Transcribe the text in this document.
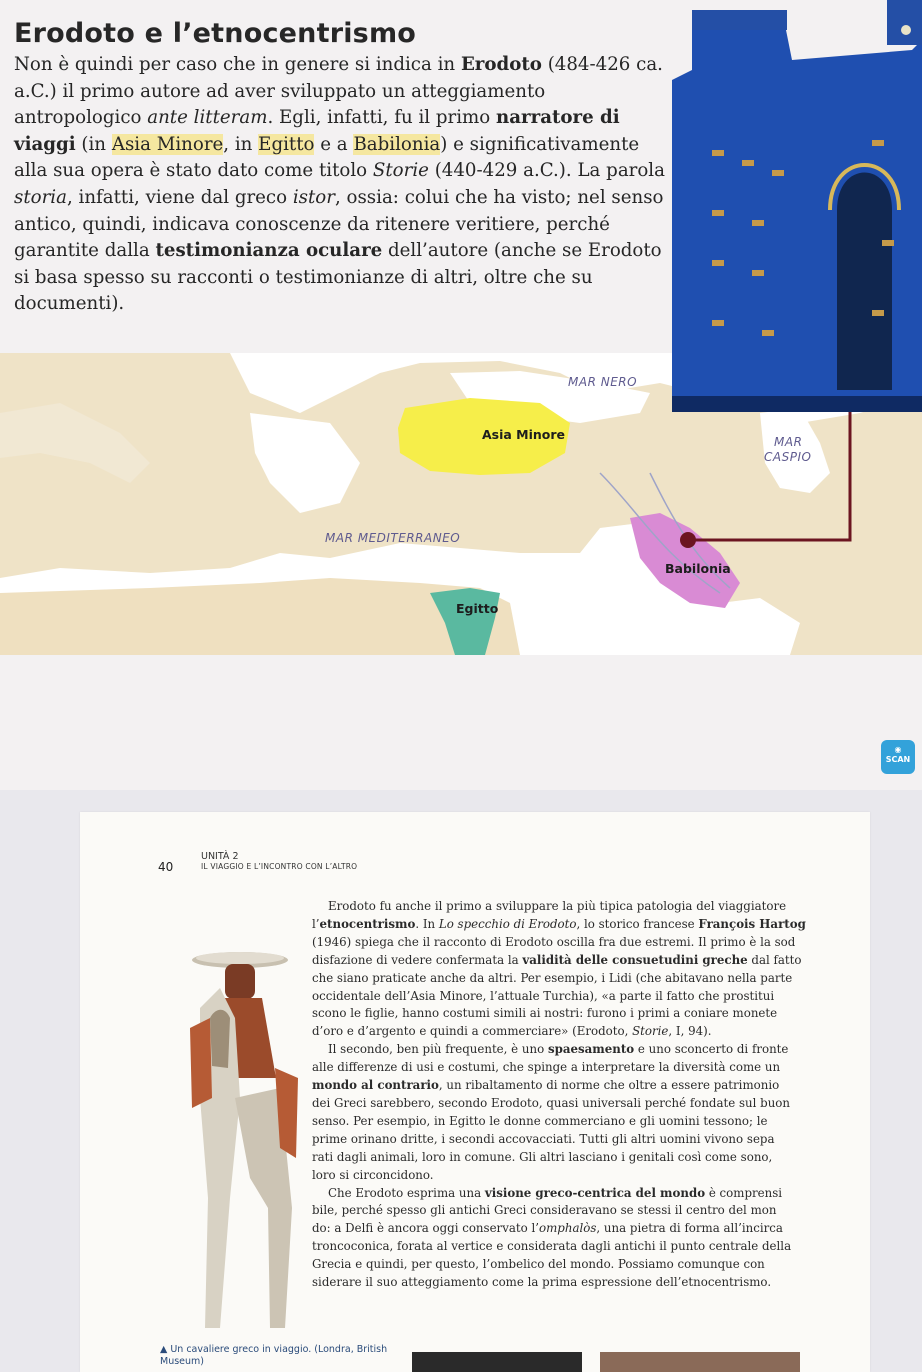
Erodoto e l’etnocentrismo

Non è quindi per caso che in genere si indica in Erodoto (484-426 ca. a.C.) il primo autore ad aver sviluppato un atteggiamento antropologico ante litteram. Egli, infatti, fu il primo narratore di viaggi (in Asia Minore, in Egitto e a Babilonia) e significativamente alla sua opera è stato dato come titolo Storie (440-429 a.C.). La parola storia, infatti, viene dal greco istor, ossia: colui che ha visto; nel senso antico, quindi, indicava conoscenze da ritenere veritiere, perché garantite dalla testimonianza oculare dell’autore (anche se Erodoto si basa spesso su racconti o testimonianze di altri, oltre che su documenti).

MAR NERO
MAR
CASPIO
MAR MEDITERRANEO
Asia Minore
Babilonia
Egitto
◉
SCAN
40
UNITÀ 2
IL VIAGGIO E L’INCONTRO CON L’ALTRO

Erodoto fu anche il primo a sviluppare la più tipica patologia del viaggiatore

l’etnocentrismo. In Lo specchio di Erodoto, lo storico francese François Hartog

(1946) spiega che il racconto di Erodoto oscilla fra due estremi. Il primo è la sod

disfazione di vedere confermata la validità delle consuetudini greche dal fatto

che siano praticate anche da altri. Per esempio, i Lidi (che abitavano nella parte

occidentale dell’Asia Minore, l’attuale Turchia), «a parte il fatto che prostitui

scono le figlie, hanno costumi simili ai nostri: furono i primi a coniare monete

d’oro e d’argento e quindi a commerciare» (Erodoto, Storie, I, 94).

Il secondo, ben più frequente, è uno spaesamento e uno sconcerto di fronte

alle differenze di usi e costumi, che spinge a interpretare la diversità come un

mondo al contrario, un ribaltamento di norme che oltre a essere patrimonio

dei Greci sarebbero, secondo Erodoto, quasi universali perché fondate sul buon

senso. Per esempio, in Egitto le donne commerciano e gli uomini tessono; le

prime orinano dritte, i secondi accovacciati. Tutti gli altri uomini vivono sepa

rati dagli animali, loro in comune. Gli altri lasciano i genitali così come sono,

loro si circoncidono.

Che Erodoto esprima una visione greco-centrica del mondo è comprensi

bile, perché spesso gli antichi Greci consideravano se stessi il centro del mon

do: a Delfi è ancora oggi conservato l’omphalòs, una pietra di forma all’incirca

troncoconica, forata al vertice e considerata dagli antichi il punto centrale della

Grecia e quindi, per questo, l’ombelico del mondo. Possiamo comunque con

siderare il suo atteggiamento come la prima espressione dell’etnocentrismo.

▲ Un cavaliere greco in viaggio. (Londra, British
Museum)
